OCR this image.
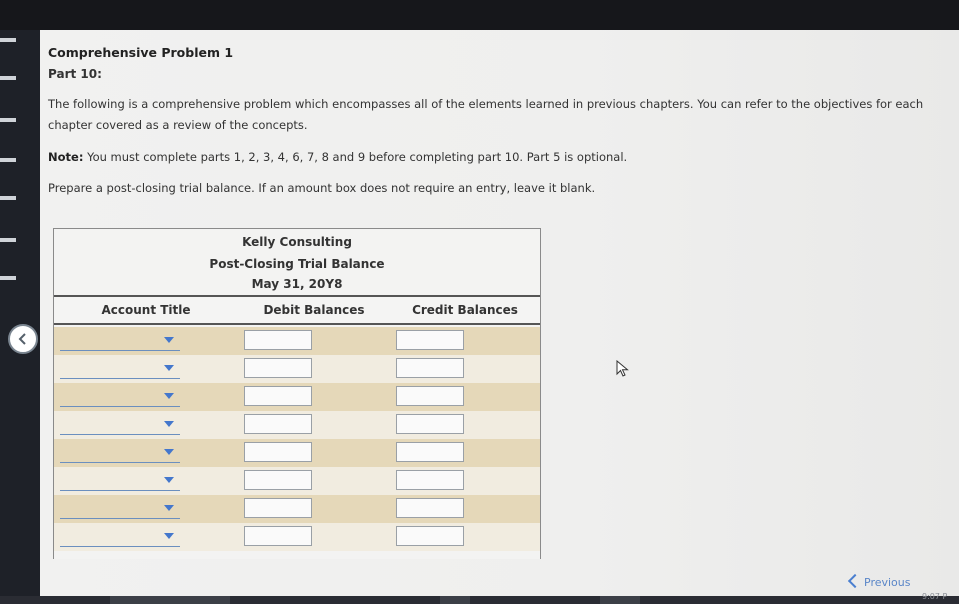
Comprehensive Problem 1
Part 10:
The following is a comprehensive problem which encompasses all of the elements learned in previous chapters. You can refer to the objectives for each chapter covered as a review of the concepts.
Note: You must complete parts 1, 2, 3, 4, 6, 7, 8 and 9 before completing part 10. Part 5 is optional.
Prepare a post-closing trial balance. If an amount box does not require an entry, leave it blank.
Kelly Consulting
Post-Closing Trial Balance
May 31, 20Y8
Account Title	Debit Balances	Credit Balances
Previous
9:07 P
